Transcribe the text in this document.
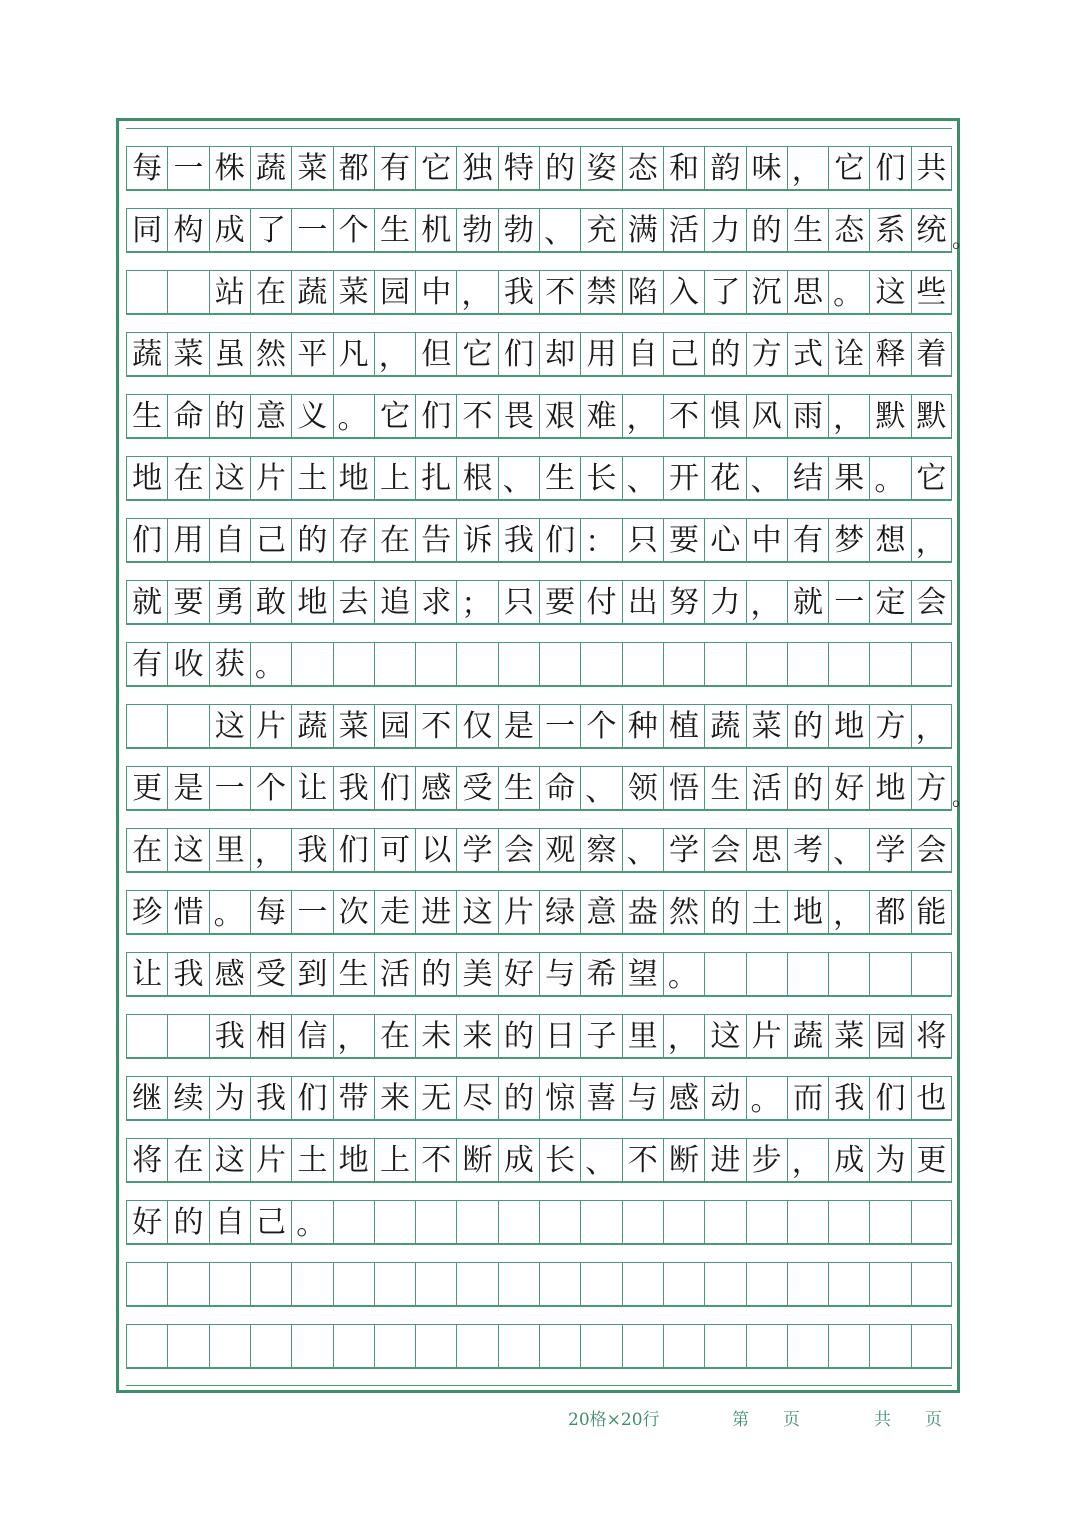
每 一 株 蔬 菜 都 有 它 独 特 的 姿 态 和 韵 味 ， 它 们 共
同 构 成 了 一 个 生 机 勃 勃 、 充 满 活 力 的 生 态 系 统
站 在 蔬 菜 园 中 ， 我 不 禁 陷 入 了 沉 思 。 这 些
蔬 菜 虽 然 平 凡 ， 但 它 们 却 用 自 己 的 方 式 诠 释 着
生 命 的 意 义 。 它 们 不 畏 艰 难 ， 不 惧 风 雨 ， 默 默
地 在 这 片 土 地 上 扎 根 、 生 长 、 开 花 、 结 果 。 它
们 用 自 己 的 存 在 告 诉 我 们 ： 只 要 心 中 有 梦 想 ，
就 要 勇 敢 地 去 追 求 ； 只 要 付 出 努 力 ， 就 一 定 会
有 收 获 。
这 片 蔬 菜 园 不 仅 是 一 个 种 植 蔬 菜 的 地 方 ，
更 是 一 个 让 我 们 感 受 生 命 、 领 悟 生 活 的 好 地 方
在 这 里 ， 我 们 可 以 学 会 观 察 、 学 会 思 考 、 学 会
珍 惜 。 每 一 次 走 进 这 片 绿 意 盎 然 的 土 地 ， 都 能
让 我 感 受 到 生 活 的 美 好 与 希 望 。
我 相 信 ， 在 未 来 的 日 子 里 ， 这 片 蔬 菜 园 将
继 续 为 我 们 带 来 无 尽 的 惊 喜 与 感 动 。 而 我 们 也
将 在 这 片 土 地 上 不 断 成 长 、 不 断 进 步 ， 成 为 更
好 的 自 己 。
。
。
20格×20行	第　　页	共　　页
